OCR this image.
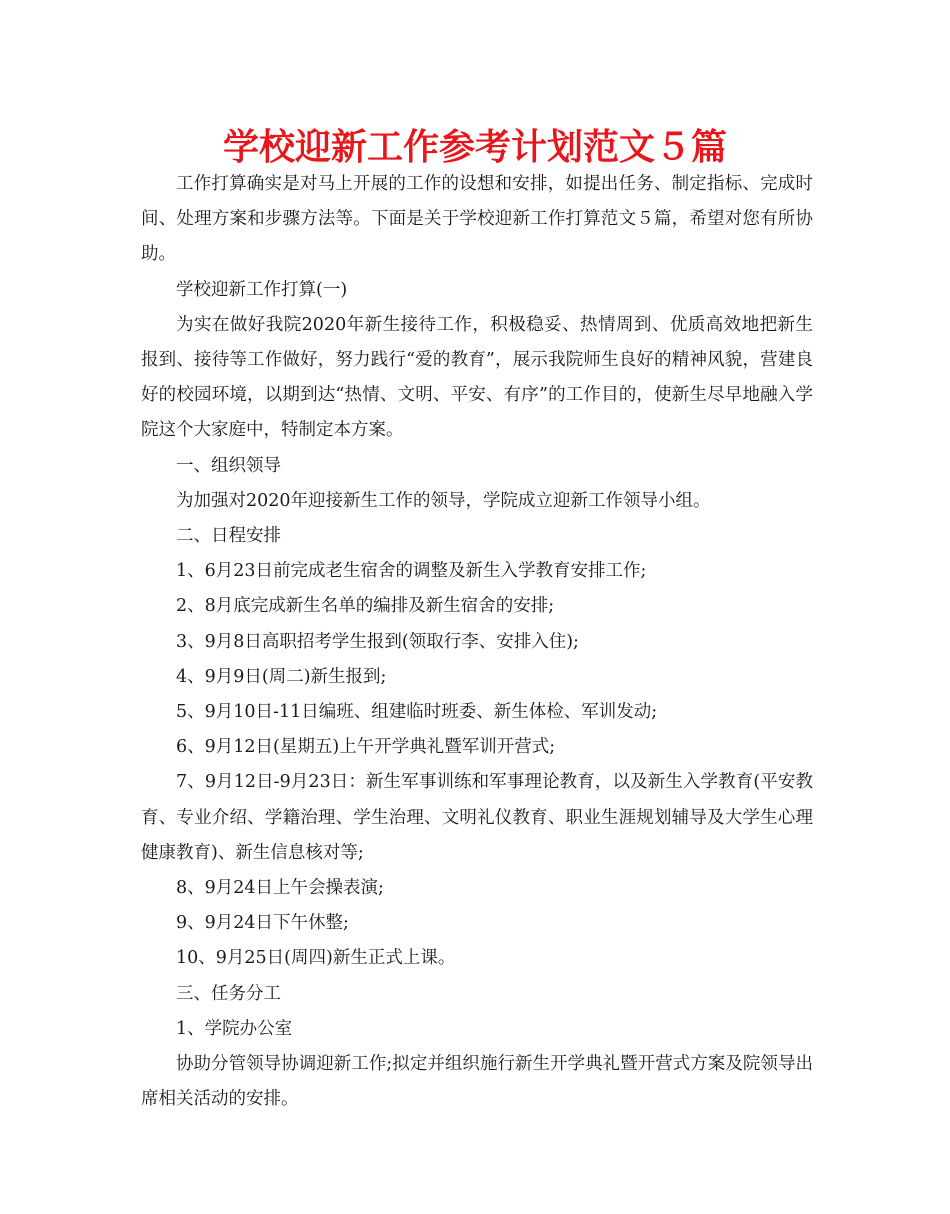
学校迎新工作参考计划范文５篇

工作打算确实是对马上开展的工作的设想和安排，如提出任务、制定指标、完成时间、处理方案和步骤方法等。下面是关于学校迎新工作打算范文５篇，希望对您有所协助。

学校迎新工作打算(一)

为实在做好我院2020年新生接待工作，积极稳妥、热情周到、优质高效地把新生报到、接待等工作做好，努力践行“爱的教育”，展示我院师生良好的精神风貌，营建良好的校园环境，以期到达“热情、文明、平安、有序”的工作目的，使新生尽早地融入学院这个大家庭中，特制定本方案。

一、组织领导

为加强对2020年迎接新生工作的领导，学院成立迎新工作领导小组。

二、日程安排

1、6月23日前完成老生宿舍的调整及新生入学教育安排工作;

2、8月底完成新生名单的编排及新生宿舍的安排;

3、9月8日高职招考学生报到(领取行李、安排入住);

4、9月9日(周二)新生报到;

5、9月10日-11日编班、组建临时班委、新生体检、军训发动;

6、9月12日(星期五)上午开学典礼暨军训开营式;

7、9月12日-9月23日：新生军事训练和军事理论教育，以及新生入学教育(平安教育、专业介绍、学籍治理、学生治理、文明礼仪教育、职业生涯规划辅导及大学生心理健康教育)、新生信息核对等;

8、9月24日上午会操表演;

9、9月24日下午休整;

10、9月25日(周四)新生正式上课。

三、任务分工

1、学院办公室

协助分管领导协调迎新工作;拟定并组织施行新生开学典礼暨开营式方案及院领导出席相关活动的安排。
